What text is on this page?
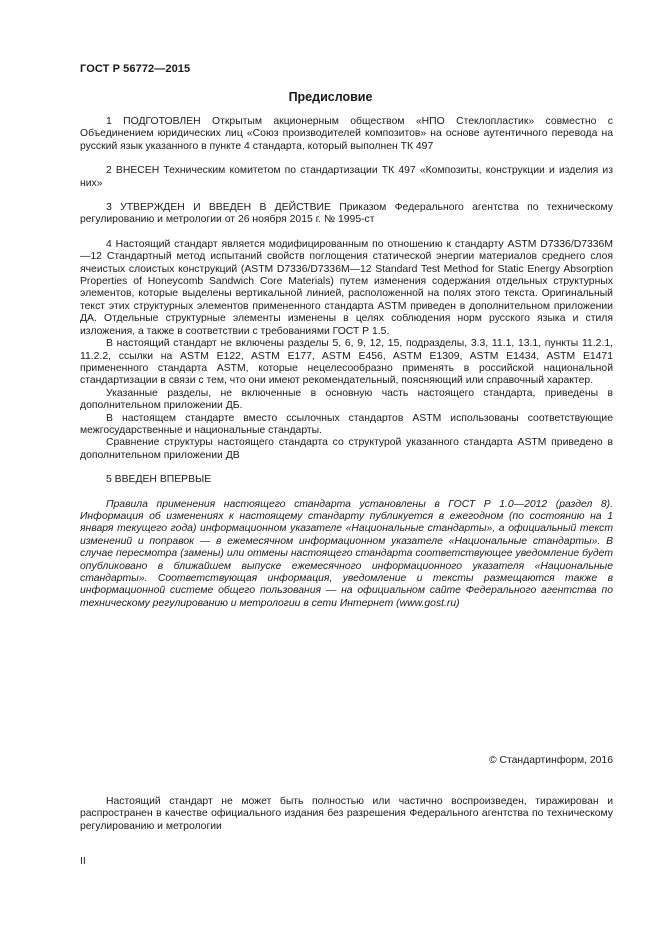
ГОСТ Р 56772—2015
Предисловие

1 ПОДГОТОВЛЕН Открытым акционерным обществом «НПО Стеклопластик» совместно с Объединением юридических лиц «Союз производителей композитов» на основе аутентичного перевода на русский язык указанного в пункте 4 стандарта, который выполнен ТК 497

2 ВНЕСЕН Техническим комитетом по стандартизации ТК 497 «Композиты, конструкции и изделия из них»

3 УТВЕРЖДЕН И ВВЕДЕН В ДЕЙСТВИЕ Приказом Федерального агентства по техническому регулированию и метрологии от 26 ноября 2015 г. № 1995-ст

4 Настоящий стандарт является модифицированным по отношению к стандарту ASTM D7336/D7336M—12 Стандартный метод испытаний свойств поглощения статической энергии материалов среднего слоя ячеистых слоистых конструкций (ASTM D7336/D7336M—12 Standard Test Method for Static Energy Absorption Properties of Honeycomb Sandwich Core Materials) путем изменения содержания отдельных структурных элементов, которые выделены вертикальной линией, расположенной на полях этого текста. Оригинальный текст этих структурных элементов примененного стандарта ASTM приведен в дополнительном приложении ДА. Отдельные структурные элементы изменены в целях соблюдения норм русского языка и стиля изложения, а также в соответствии с требованиями ГОСТ Р 1.5.

В настоящий стандарт не включены разделы 5, 6, 9, 12, 15, подразделы, 3.3, 11.1, 13.1, пункты 11.2.1, 11.2.2, ссылки на ASTM E122, ASTM E177, ASTM E456, ASTM E1309, ASTM E1434, ASTM E1471 примененного стандарта ASTM, которые нецелесообразно применять в российской национальной стандартизации в связи с тем, что они имеют рекомендательный, поясняющий или справочный характер.

Указанные разделы, не включенные в основную часть настоящего стандарта, приведены в дополнительном приложении ДБ.

В настоящем стандарте вместо ссылочных стандартов ASTM использованы соответствующие межгосударственные и национальные стандарты.

Сравнение структуры настоящего стандарта со структурой указанного стандарта ASTM приведено в дополнительном приложении ДВ

5 ВВЕДЕН ВПЕРВЫЕ

Правила применения настоящего стандарта установлены в ГОСТ Р 1.0—2012 (раздел 8). Информация об изменениях к настоящему стандарту публикуется в ежегодном (по состоянию на 1 января текущего года) информационном указателе «Национальные стандарты», а официальный текст изменений и поправок — в ежемесячном информационном указателе «Национальные стандарты». В случае пересмотра (замены) или отмены настоящего стандарта соответствующее уведомление будет опубликовано в ближайшем выпуске ежемесячного информационного указателя «Национальные стандарты». Соответствующая информация, уведомление и тексты размещаются также в информационной системе общего пользования — на официальном сайте Федерального агентства по техническому регулированию и метрологии в сети Интернет (www.gost.ru)

© Стандартинформ, 2016

Настоящий стандарт не может быть полностью или частично воспроизведен, тиражирован и распространен в качестве официального издания без разрешения Федерального агентства по техническому регулированию и метрологии

II
